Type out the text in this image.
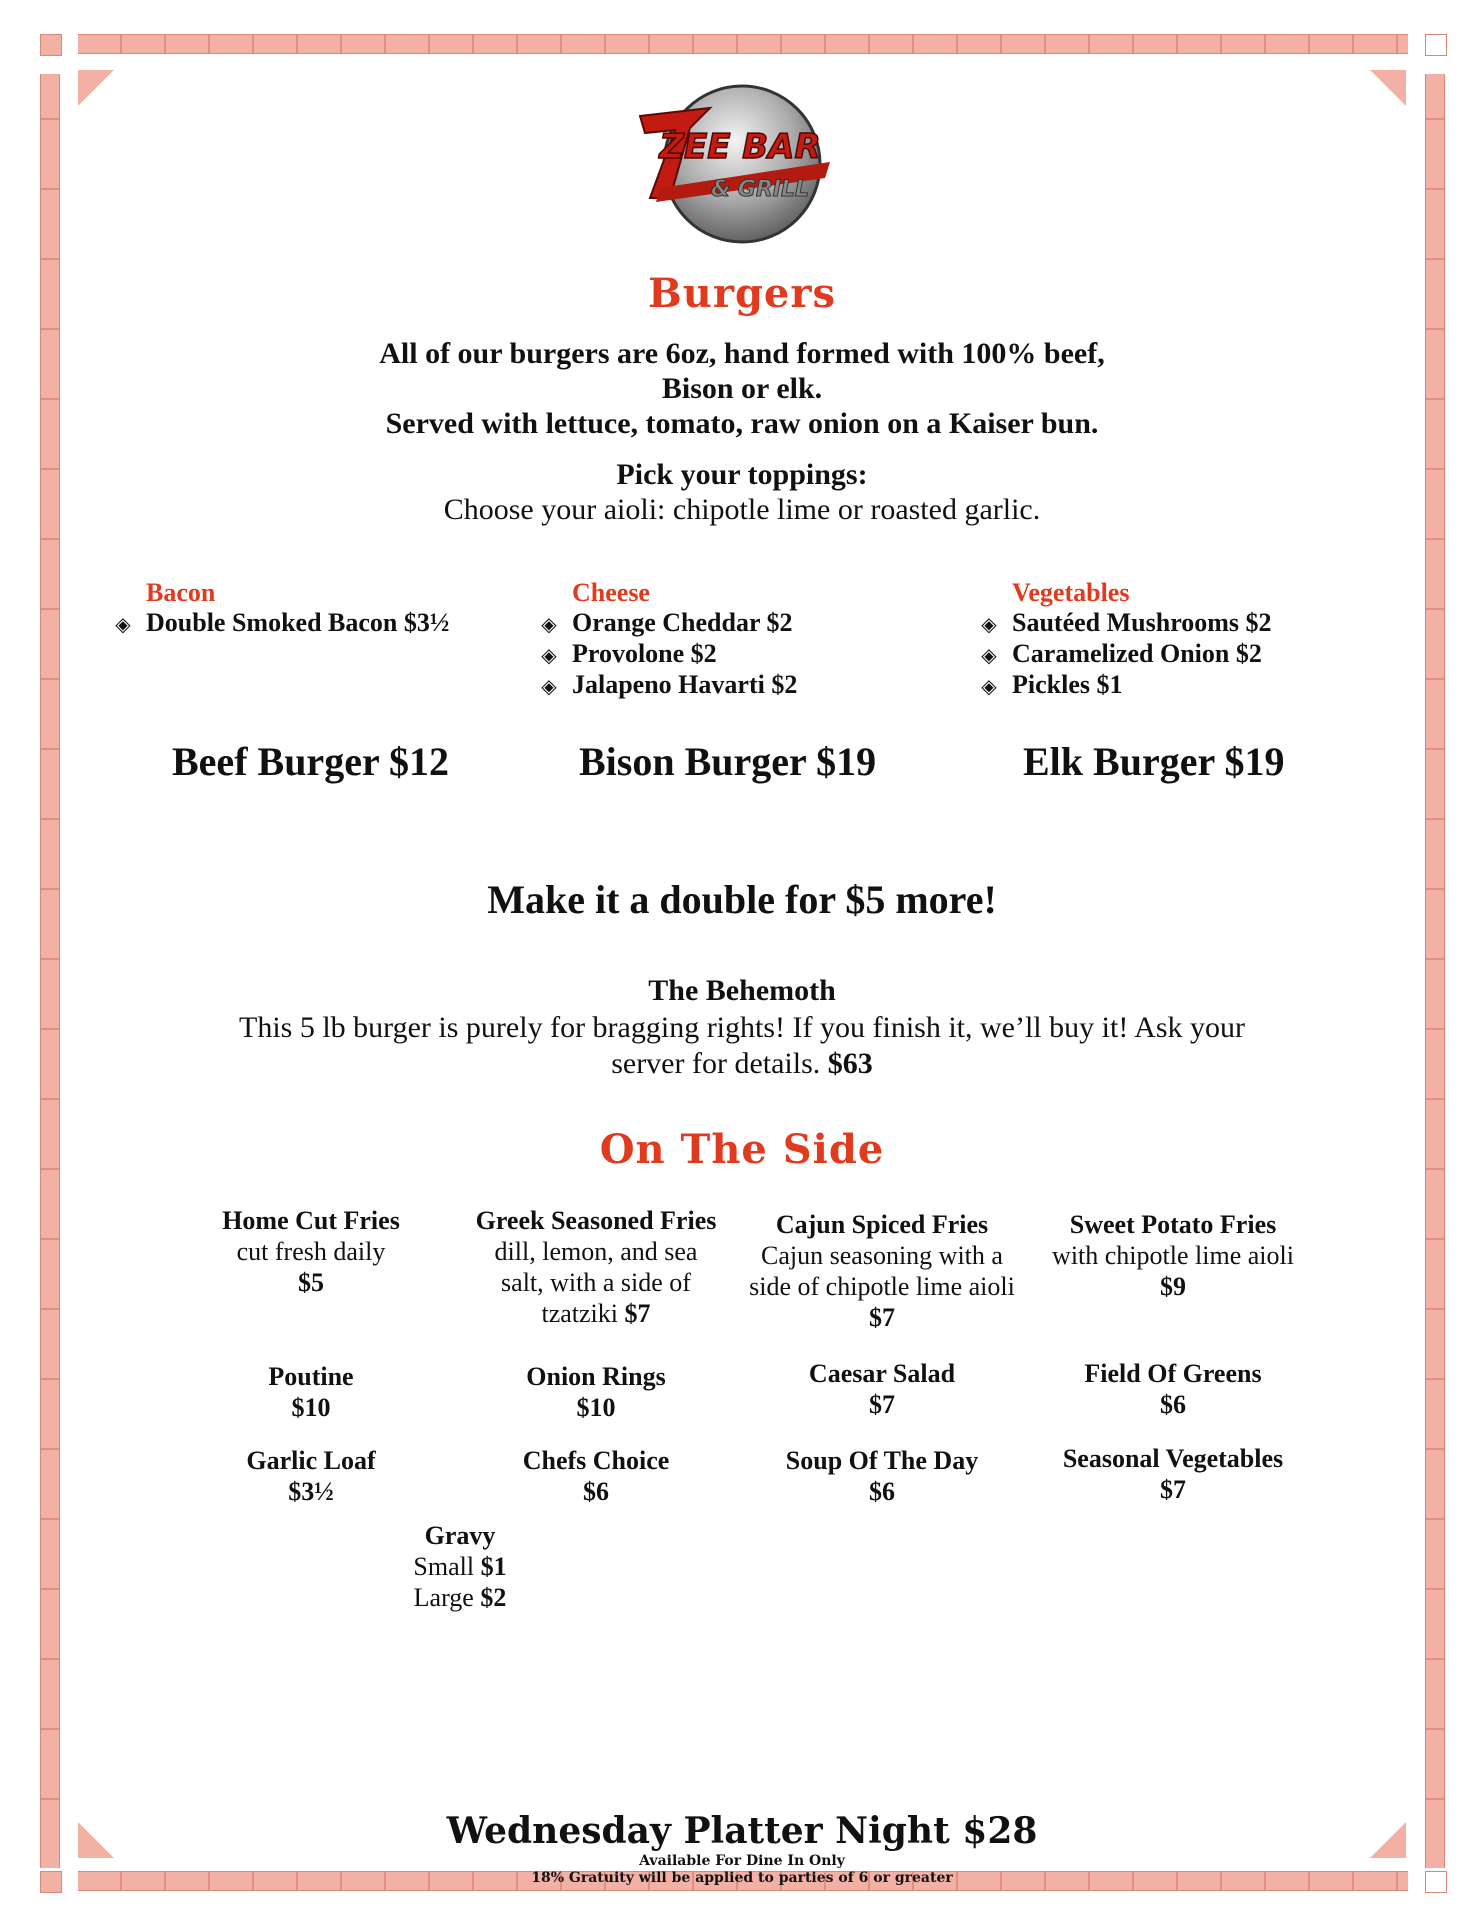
ZEE BAR
& GRILL
Burgers
All of our burgers are 6oz, hand formed with 100% beef,
Bison or elk.
Served with lettuce, tomato, raw onion on a Kaiser bun.
Pick your toppings:
Choose your aioli: chipotle lime or roasted garlic.
Bacon
◈ Double Smoked Bacon $3½
Cheese
◈ Orange Cheddar $2
◈ Provolone $2
◈ Jalapeno Havarti $2
Vegetables
◈ Sautéed Mushrooms $2
◈ Caramelized Onion $2
◈ Pickles $1
Beef Burger $12	Bison Burger $19	Elk Burger $19
Make it a double for $5 more!
The Behemoth
This 5 lb burger is purely for bragging rights! If you finish it, we’ll buy it! Ask your server for details. $63
On The Side
Home Cut Fries
cut fresh daily
$5
Greek Seasoned Fries
dill, lemon, and sea salt, with a side of tzatziki $7
Cajun Spiced Fries
Cajun seasoning with a side of chipotle lime aioli $7
Sweet Potato Fries
with chipotle lime aioli
$9
Poutine
$10
Onion Rings
$10
Caesar Salad
$7
Field Of Greens
$6
Garlic Loaf
$3½
Chefs Choice
$6
Soup Of The Day
$6
Seasonal Vegetables
$7
Gravy
Small $1
Large $2
Wednesday Platter Night $28
Available For Dine In Only
18% Gratuity will be applied to parties of 6 or greater
